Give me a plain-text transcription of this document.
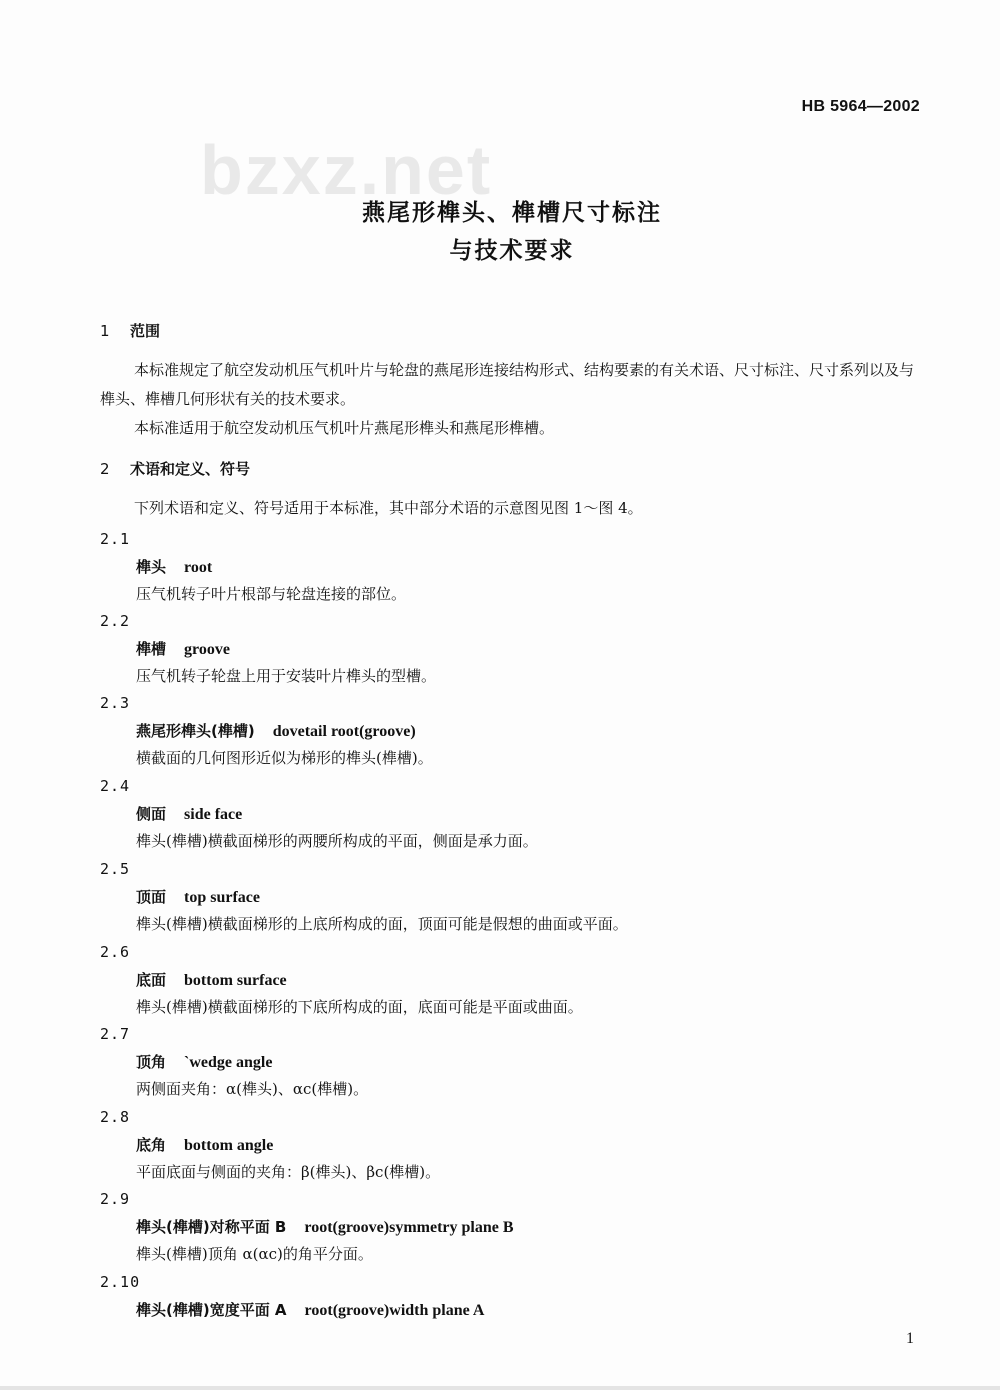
HB 5964—2002
bzxz.net
燕尾形榫头、榫槽尺寸标注
与技术要求
1 范围
本标准规定了航空发动机压气机叶片与轮盘的燕尾形连接结构形式、结构要素的有关术语、尺寸标注、尺寸系列以及与榫头、榫槽几何形状有关的技术要求。
本标准适用于航空发动机压气机叶片燕尾形榫头和燕尾形榫槽。
2 术语和定义、符号
下列术语和定义、符号适用于本标准，其中部分术语的示意图见图 1～图 4。
2.1
榫头 root
压气机转子叶片根部与轮盘连接的部位。
2.2
榫槽 groove
压气机转子轮盘上用于安装叶片榫头的型槽。
2.3
燕尾形榫头(榫槽) dovetail root(groove)
横截面的几何图形近似为梯形的榫头(榫槽)。
2.4
侧面 side face
榫头(榫槽)横截面梯形的两腰所构成的平面，侧面是承力面。
2.5
顶面 top surface
榫头(榫槽)横截面梯形的上底所构成的面，顶面可能是假想的曲面或平面。
2.6
底面 bottom surface
榫头(榫槽)横截面梯形的下底所构成的面，底面可能是平面或曲面。
2.7
顶角 `wedge angle
两侧面夹角：α(榫头)、αc(榫槽)。
2.8
底角 bottom angle
平面底面与侧面的夹角：β(榫头)、βc(榫槽)。
2.9
榫头(榫槽)对称平面 B root(groove)symmetry plane B
榫头(榫槽)顶角 α(αc)的角平分面。
2.10
榫头(榫槽)宽度平面 A root(groove)width plane A
1
